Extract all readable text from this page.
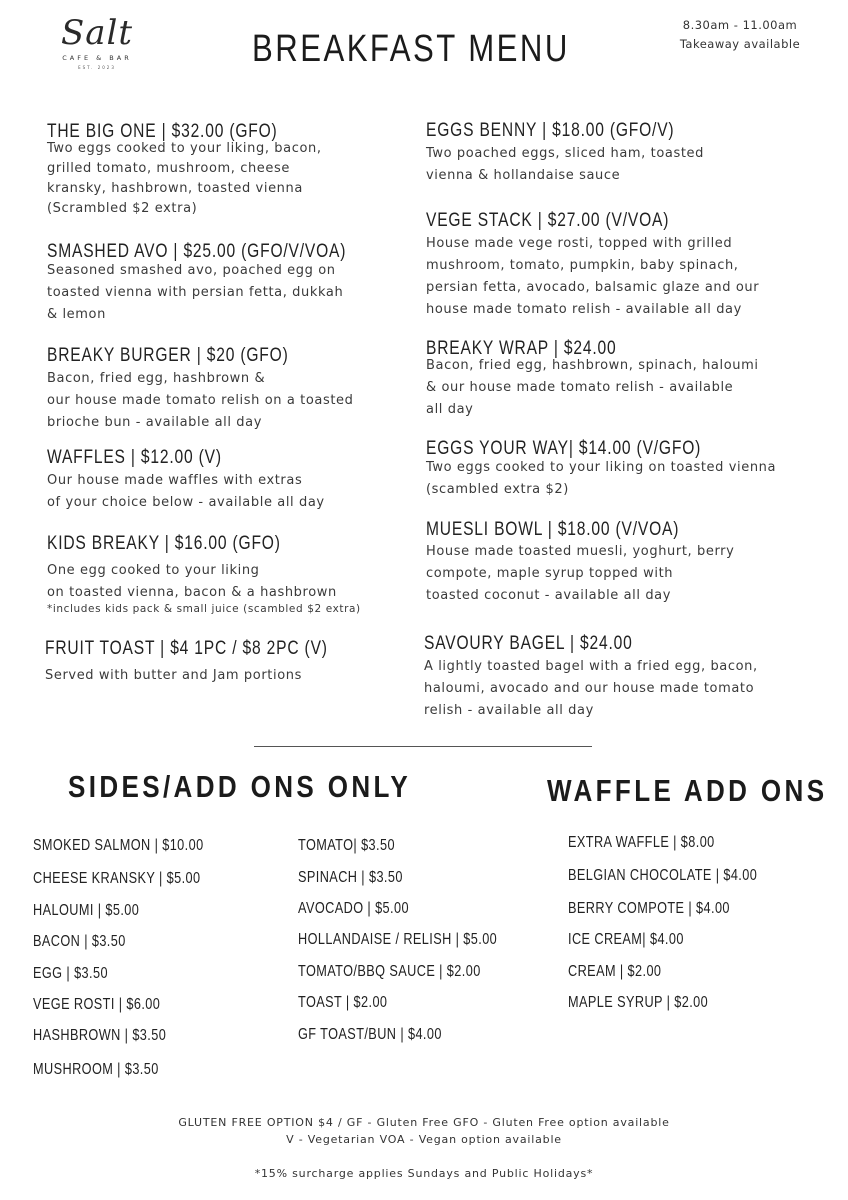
Salt
CAFE & BAR
EST. 2023	BREAKFAST MENU
8.30am - 11.00am
Takeaway available
THE BIG ONE | $32.00 (GFO)
Two eggs cooked to your liking, bacon,
grilled tomato, mushroom, cheese
kransky, hashbrown, toasted vienna
(Scrambled $2 extra)
SMASHED AVO | $25.00 (GFO/V/VOA)
Seasoned smashed avo, poached egg on
toasted vienna with persian fetta, dukkah
& lemon
BREAKY BURGER | $20 (GFO)
Bacon, fried egg, hashbrown &
our house made tomato relish on a toasted
brioche bun - available all day
WAFFLES | $12.00 (V)
Our house made waffles with extras
of your choice below - available all day
KIDS BREAKY | $16.00 (GFO)
One egg cooked to your liking
on toasted vienna, bacon & a hashbrown
*includes kids pack & small juice (scambled $2 extra)
FRUIT TOAST | $4 1PC / $8 2PC (V)
Served with butter and Jam portions
EGGS BENNY | $18.00 (GFO/V)
Two poached eggs, sliced ham, toasted
vienna & hollandaise sauce
VEGE STACK | $27.00 (V/VOA)
House made vege rosti, topped with grilled
mushroom, tomato, pumpkin, baby spinach,
persian fetta, avocado, balsamic glaze and our
house made tomato relish - available all day
BREAKY WRAP | $24.00
Bacon, fried egg, hashbrown, spinach, haloumi
& our house made tomato relish - available
all day
EGGS YOUR WAY| $14.00 (V/GFO)
Two eggs cooked to your liking on toasted vienna
(scambled extra $2)
MUESLI BOWL | $18.00 (V/VOA)
House made toasted muesli, yoghurt, berry
compote, maple syrup topped with
toasted coconut - available all day
SAVOURY BAGEL | $24.00
A lightly toasted bagel with a fried egg, bacon,
haloumi, avocado and our house made tomato
relish - available all day
SIDES/ADD ONS ONLY	WAFFLE ADD ONS
SMOKED SALMON | $10.00
CHEESE KRANSKY | $5.00
HALOUMI | $5.00
BACON | $3.50
EGG | $3.50
VEGE ROSTI | $6.00
HASHBROWN | $3.50
MUSHROOM | $3.50
TOMATO| $3.50
SPINACH | $3.50
AVOCADO | $5.00
HOLLANDAISE / RELISH | $5.00
TOMATO/BBQ SAUCE | $2.00
TOAST | $2.00
GF TOAST/BUN | $4.00
EXTRA WAFFLE | $8.00
BELGIAN CHOCOLATE | $4.00
BERRY COMPOTE | $4.00
ICE CREAM| $4.00
CREAM | $2.00
MAPLE SYRUP | $2.00
GLUTEN FREE OPTION $4 / GF - Gluten Free GFO - Gluten Free option available
V - Vegetarian VOA - Vegan option available
*15% surcharge applies Sundays and Public Holidays*
